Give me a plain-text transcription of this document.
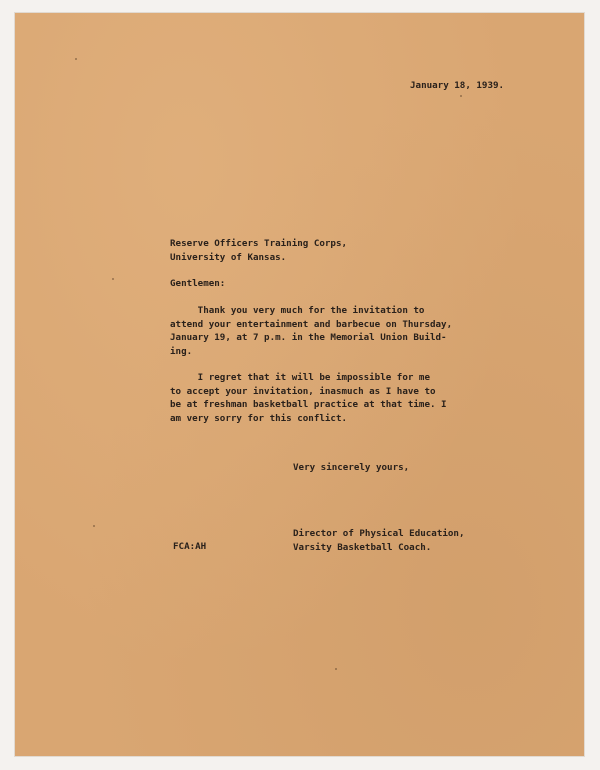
January 18, 1939.
Reserve Officers Training Corps,
University of Kansas.
Gentlemen:
Thank you very much for the invitation to
attend your entertainment and barbecue on Thursday,
January 19, at 7 p.m. in the Memorial Union Build-
ing.
I regret that it will be impossible for me
to accept your invitation, inasmuch as I have to
be at freshman basketball practice at that time. I
am very sorry for this conflict.
Very sincerely yours,
FCA:AH
Director of Physical Education,
Varsity Basketball Coach.
